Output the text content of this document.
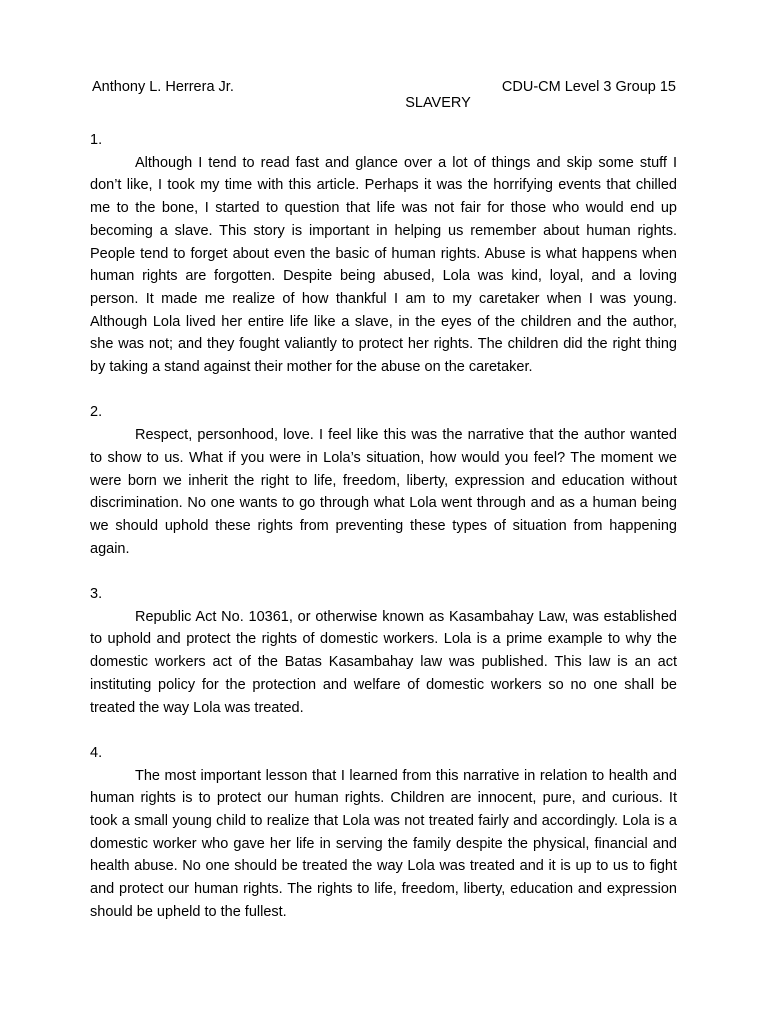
Anthony L. Herrera Jr.	CDU-CM Level 3 Group 15
SLAVERY

1.

Although I tend to read fast and glance over a lot of things and skip some stuff I don’t like, I took my time with this article. Perhaps it was the horrifying events that chilled me to the bone, I started to question that life was not fair for those who would end up becoming a slave. This story is important in helping us remember about human rights. People tend to forget about even the basic of human rights. Abuse is what happens when human rights are forgotten. Despite being abused, Lola was kind, loyal, and a loving person. It made me realize of how thankful I am to my caretaker when I was young. Although Lola lived her entire life like a slave, in the eyes of the children and the author, she was not; and they fought valiantly to protect her rights. The children did the right thing by taking a stand against their mother for the abuse on the caretaker.

2.

Respect, personhood, love. I feel like this was the narrative that the author wanted to show to us. What if you were in Lola’s situation, how would you feel? The moment we were born we inherit the right to life, freedom, liberty, expression and education without discrimination. No one wants to go through what Lola went through and as a human being we should uphold these rights from preventing these types of situation from happening again.

3.

Republic Act No. 10361, or otherwise known as Kasambahay Law, was established to uphold and protect the rights of domestic workers. Lola is a prime example to why the domestic workers act of the Batas Kasambahay law was published. This law is an act instituting policy for the protection and welfare of domestic workers so no one shall be treated the way Lola was treated.

4.

The most important lesson that I learned from this narrative in relation to health and human rights is to protect our human rights. Children are innocent, pure, and curious. It took a small young child to realize that Lola was not treated fairly and accordingly. Lola is a domestic worker who gave her life in serving the family despite the physical, financial and health abuse. No one should be treated the way Lola was treated and it is up to us to fight and protect our human rights. The rights to life, freedom, liberty, education and expression should be upheld to the fullest.
